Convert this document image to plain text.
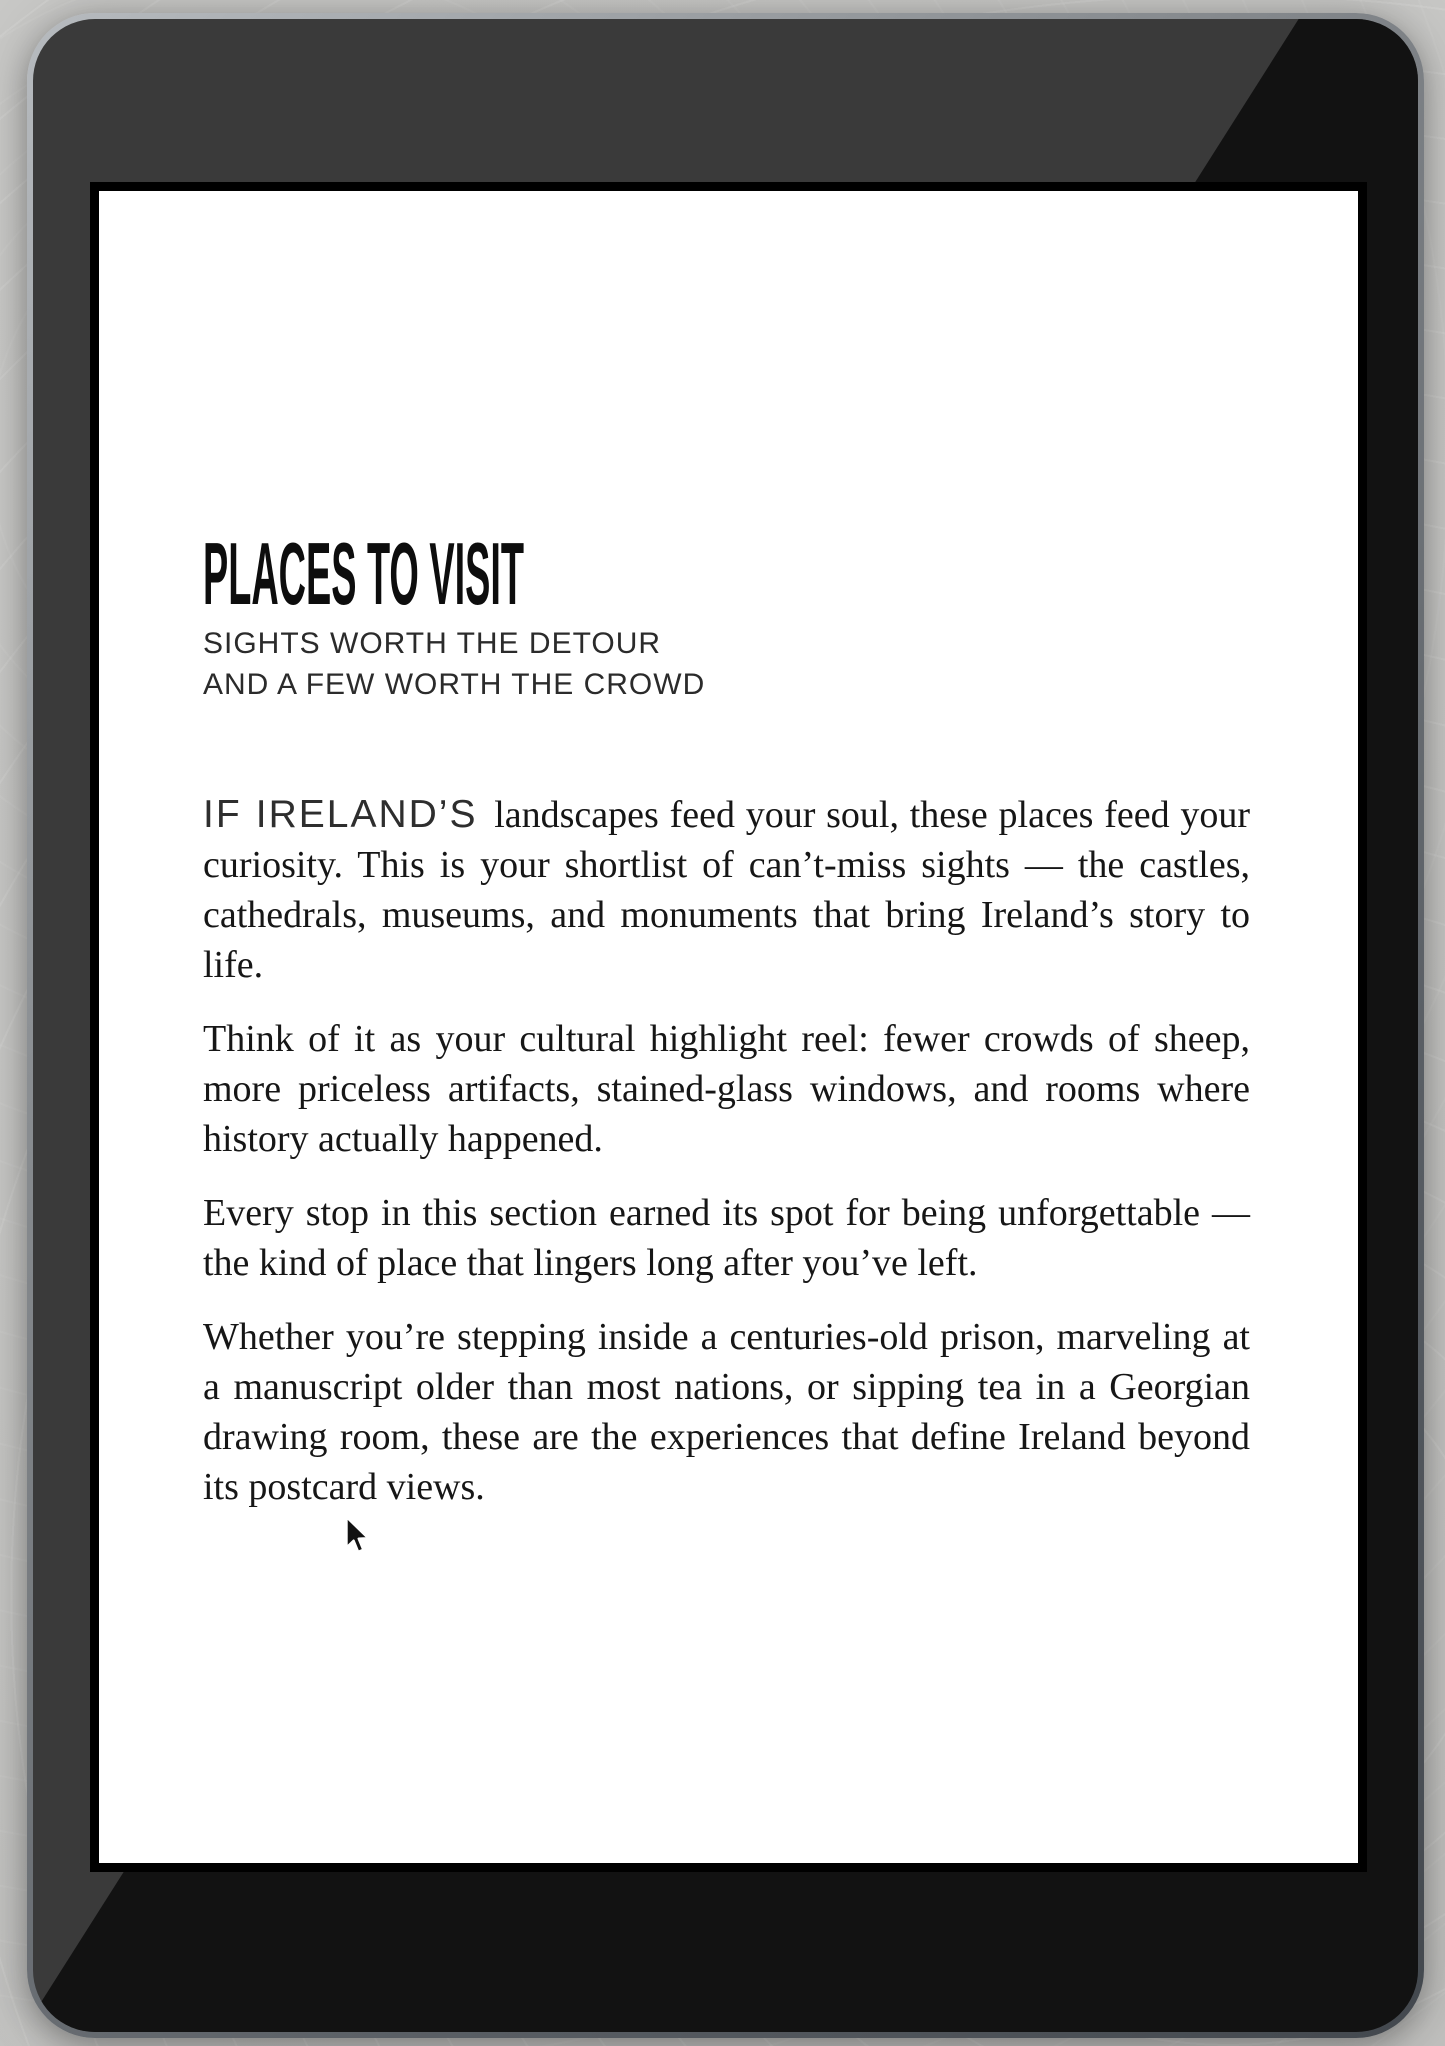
PLACES TO VISIT
SIGHTS WORTH THE DETOUR
AND A FEW WORTH THE CROWD

IF IRELAND’S landscapes feed your soul, these places feed your curiosity. This is your shortlist of can’t-miss sights — the castles, cathedrals, museums, and monuments that bring Ireland’s story to life.

Think of it as your cultural highlight reel: fewer crowds of sheep, more priceless artifacts, stained-glass windows, and rooms where history actually happened.

Every stop in this section earned its spot for being unforgettable — the kind of place that lingers long after you’ve left.

Whether you’re stepping inside a centuries-old prison, marveling at a manuscript older than most nations, or sipping tea in a Georgian drawing room, these are the experiences that define Ireland beyond its postcard views.
